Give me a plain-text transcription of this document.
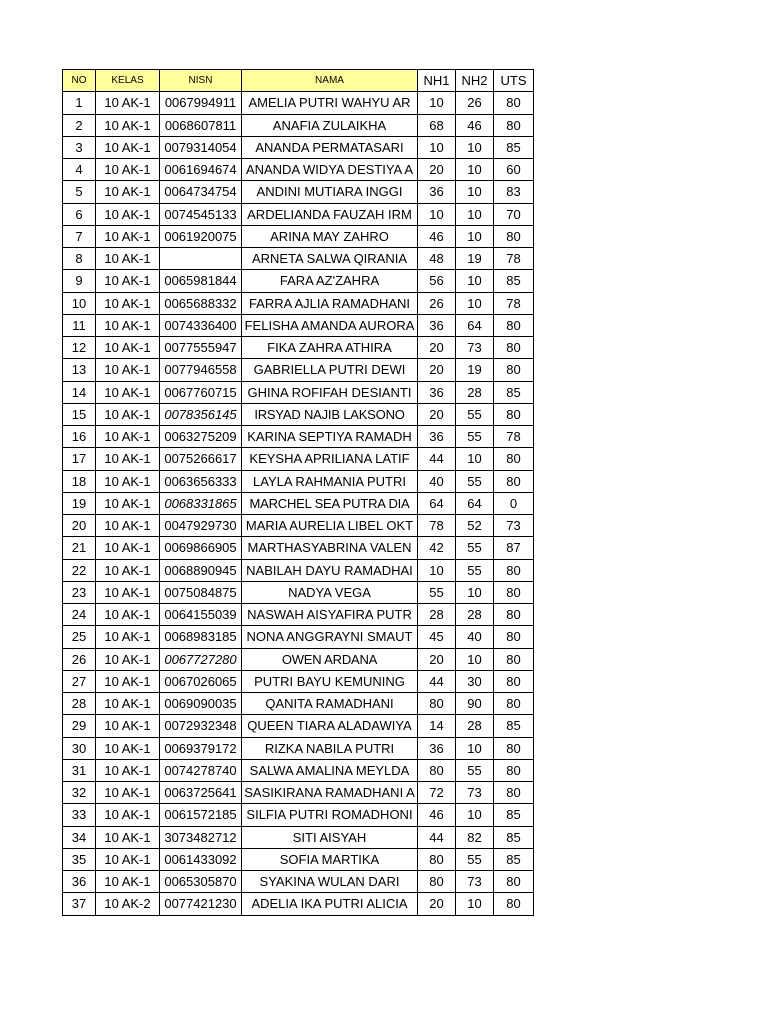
NO	KELAS	NISN	NAMA	NH1	NH2	UTS
1	10 AK-1	0067994911	AMELIA PUTRI WAHYU AR	10	26	80
2	10 AK-1	0068607811	ANAFIA ZULAIKHA	68	46	80
3	10 AK-1	0079314054	ANANDA PERMATASARI	10	10	85
4	10 AK-1	0061694674	ANANDA WIDYA DESTIYA A	20	10	60
5	10 AK-1	0064734754	ANDINI MUTIARA INGGI	36	10	83
6	10 AK-1	0074545133	ARDELIANDA FAUZAH IRM	10	10	70
7	10 AK-1	0061920075	ARINA MAY ZAHRO	46	10	80
8	10 AK-1		ARNETA SALWA QIRANIA	48	19	78
9	10 AK-1	0065981844	FARA AZ'ZAHRA	56	10	85
10	10 AK-1	0065688332	FARRA AJLIA RAMADHANI	26	10	78
11	10 AK-1	0074336400	FELISHA AMANDA AURORA	36	64	80
12	10 AK-1	0077555947	FIKA ZAHRA ATHIRA	20	73	80
13	10 AK-1	0077946558	GABRIELLA PUTRI DEWI	20	19	80
14	10 AK-1	0067760715	GHINA ROFIFAH DESIANTI	36	28	85
15	10 AK-1	0078356145	IRSYAD NAJIB LAKSONO	20	55	80
16	10 AK-1	0063275209	KARINA SEPTIYA RAMADH	36	55	78
17	10 AK-1	0075266617	KEYSHA APRILIANA LATIF	44	10	80
18	10 AK-1	0063656333	LAYLA RAHMANIA PUTRI	40	55	80
19	10 AK-1	0068331865	MARCHEL SEA PUTRA DIA	64	64	0
20	10 AK-1	0047929730	MARIA AURELIA LIBEL OKT	78	52	73
21	10 AK-1	0069866905	MARTHASYABRINA VALEN	42	55	87
22	10 AK-1	0068890945	NABILAH DAYU RAMADHAI	10	55	80
23	10 AK-1	0075084875	NADYA VEGA	55	10	80
24	10 AK-1	0064155039	NASWAH AISYAFIRA PUTR	28	28	80
25	10 AK-1	0068983185	NONA ANGGRAYNI SMAUT	45	40	80
26	10 AK-1	0067727280	OWEN ARDANA	20	10	80
27	10 AK-1	0067026065	PUTRI BAYU KEMUNING	44	30	80
28	10 AK-1	0069090035	QANITA RAMADHANI	80	90	80
29	10 AK-1	0072932348	QUEEN TIARA ALADAWIYA	14	28	85
30	10 AK-1	0069379172	RIZKA NABILA PUTRI	36	10	80
31	10 AK-1	0074278740	SALWA AMALINA MEYLDA	80	55	80
32	10 AK-1	0063725641	SASIKIRANA RAMADHANI A	72	73	80
33	10 AK-1	0061572185	SILFIA PUTRI ROMADHONI	46	10	85
34	10 AK-1	3073482712	SITI AISYAH	44	82	85
35	10 AK-1	0061433092	SOFIA MARTIKA	80	55	85
36	10 AK-1	0065305870	SYAKINA WULAN DARI	80	73	80
37	10 AK-2	0077421230	ADELIA IKA PUTRI ALICIA	20	10	80
